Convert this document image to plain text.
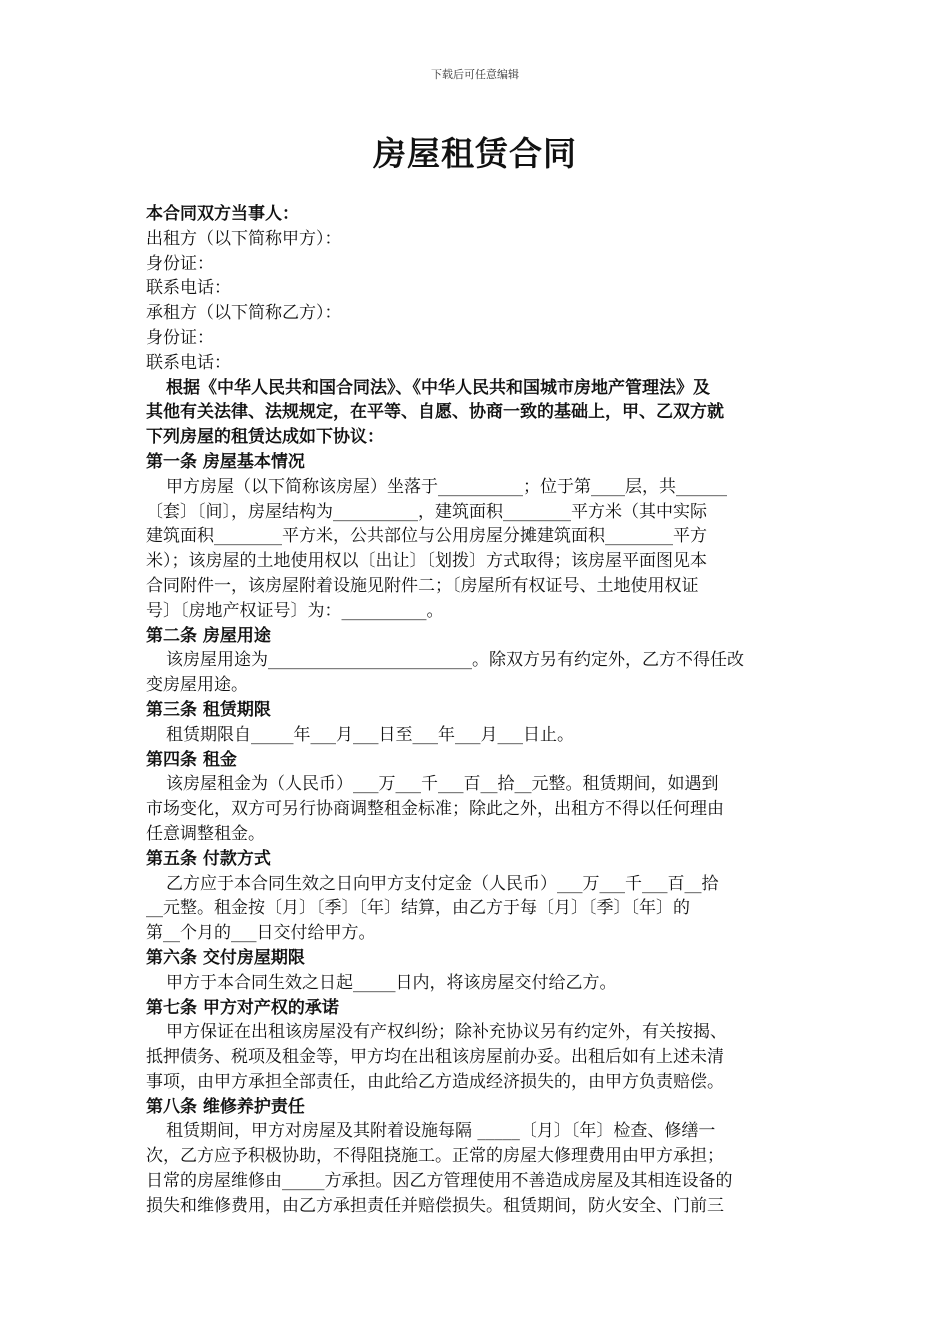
下载后可任意编辑
房屋租赁合同
本合同双方当事人：
出租方（以下简称甲方）：
身份证：
联系电话：
承租方（以下简称乙方）：
身份证：
联系电话：
根据《中华人民共和国合同法》、《中华人民共和国城市房地产管理法》及
其他有关法律、法规规定，在平等、自愿、协商一致的基础上，甲、乙双方就
下列房屋的租赁达成如下协议：
第一条 房屋基本情况
甲方房屋（以下简称该房屋）坐落于__________；位于第____层，共______
〔套〕〔间〕，房屋结构为__________，建筑面积________平方米（其中实际
建筑面积________平方米，公共部位与公用房屋分摊建筑面积________平方
米）；该房屋的土地使用权以〔出让〕〔划拨〕方式取得；该房屋平面图见本
合同附件一，该房屋附着设施见附件二；〔房屋所有权证号、土地使用权证
号〕〔房地产权证号〕为：__________。
第二条 房屋用途
该房屋用途为________________________。除双方另有约定外，乙方不得任改
变房屋用途。
第三条 租赁期限
租赁期限自_____年___月___日至___年___月___日止。
第四条 租金
该房屋租金为（人民币）___万___千___百__拾__元整。租赁期间，如遇到
市场变化，双方可另行协商调整租金标准；除此之外，出租方不得以任何理由
任意调整租金。
第五条 付款方式
乙方应于本合同生效之日向甲方支付定金（人民币）___万___千___百__拾
__元整。租金按〔月〕〔季〕〔年〕结算，由乙方于每〔月〕〔季〕〔年〕的
第__个月的___日交付给甲方。
第六条 交付房屋期限
甲方于本合同生效之日起_____日内，将该房屋交付给乙方。
第七条 甲方对产权的承诺
甲方保证在出租该房屋没有产权纠纷；除补充协议另有约定外，有关按揭、
抵押债务、税项及租金等，甲方均在出租该房屋前办妥。出租后如有上述未清
事项，由甲方承担全部责任，由此给乙方造成经济损失的，由甲方负责赔偿。
第八条 维修养护责任
租赁期间，甲方对房屋及其附着设施每隔 _____〔月〕〔年〕检查、修缮一
次，乙方应予积极协助，不得阻挠施工。正常的房屋大修理费用由甲方承担；
日常的房屋维修由_____方承担。因乙方管理使用不善造成房屋及其相连设备的
损失和维修费用，由乙方承担责任并赔偿损失。租赁期间，防火安全、门前三
